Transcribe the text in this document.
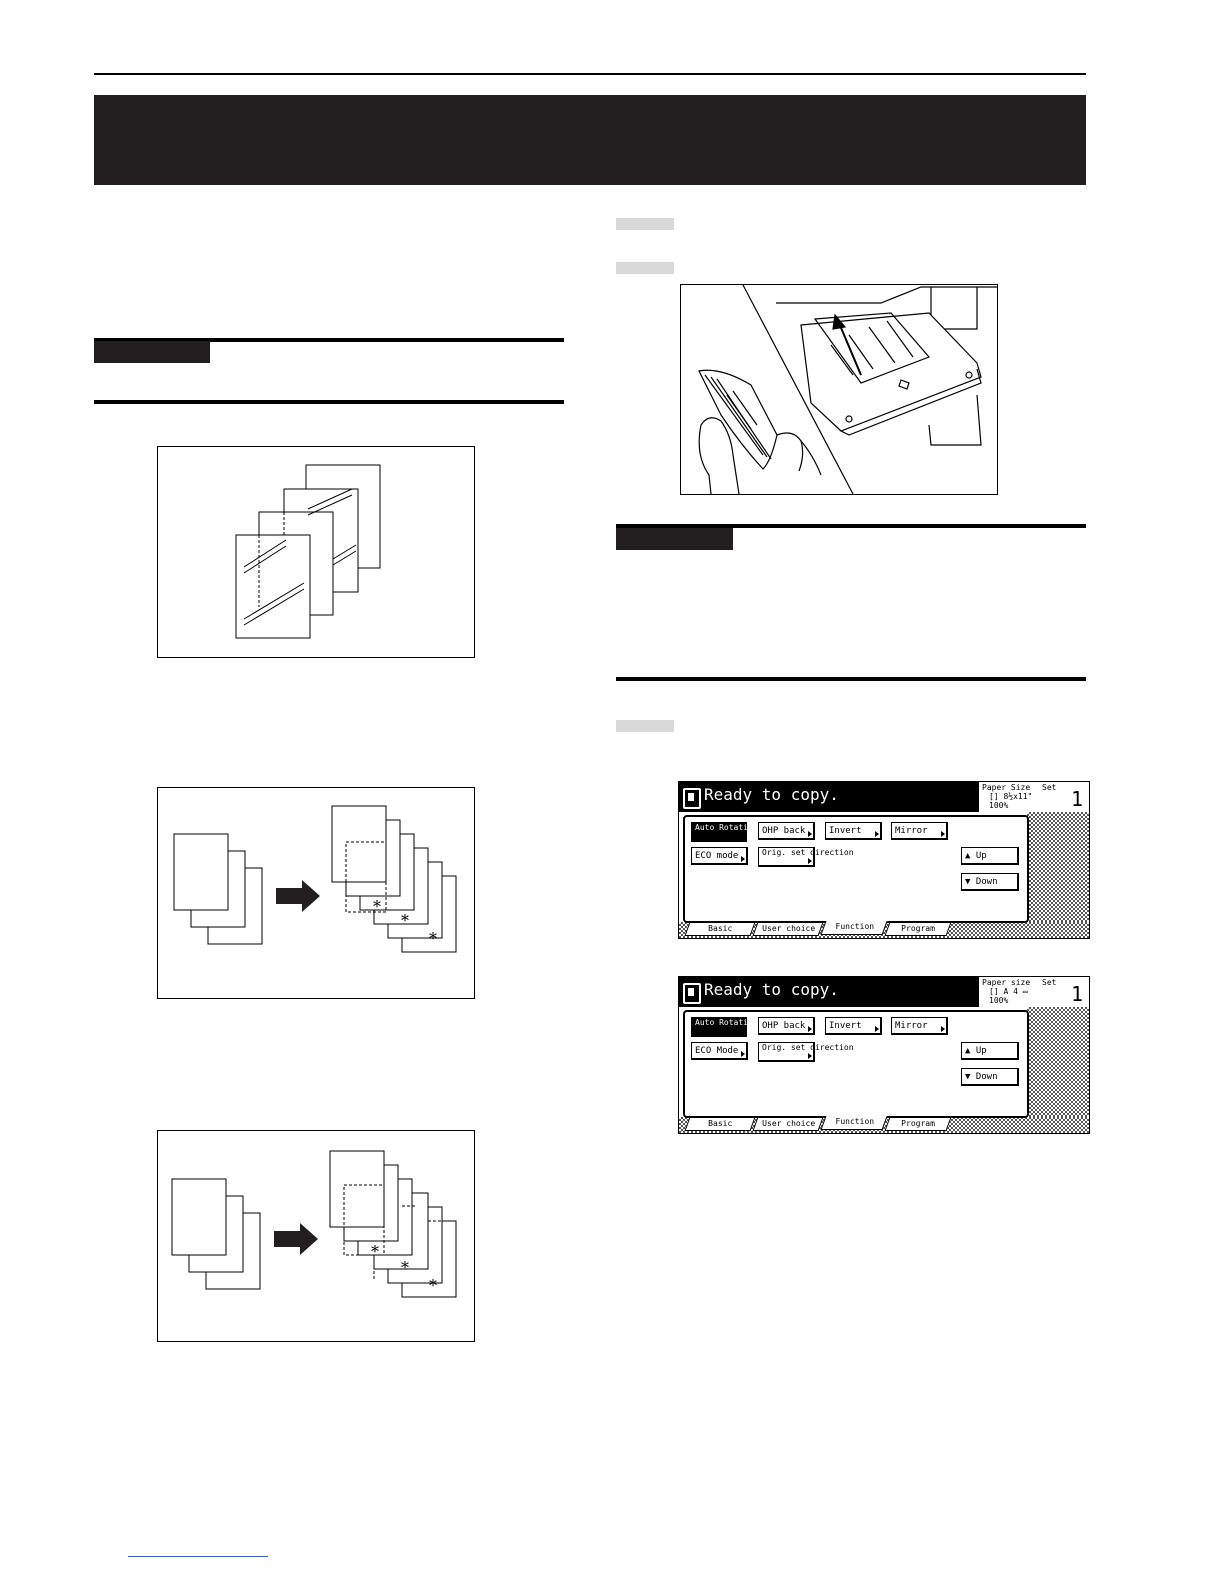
*
*
*
*
*
*
Ready to copy.	Paper Size
[] 8½x11"
100%
Set 1
Auto Rotation OHP back	Invert	Mirror
ECO mode	Orig. set direction	▲ Up
▼ Down
Basic	User choice	Function	Program
Ready to copy.	Paper size
[] A 4 ▭
100%
Set 1
Auto Rotation OHP back	Invert	Mirror
ECO Mode	Orig. set direction	▲ Up
▼ Down
Basic	User choice	Function	Program
